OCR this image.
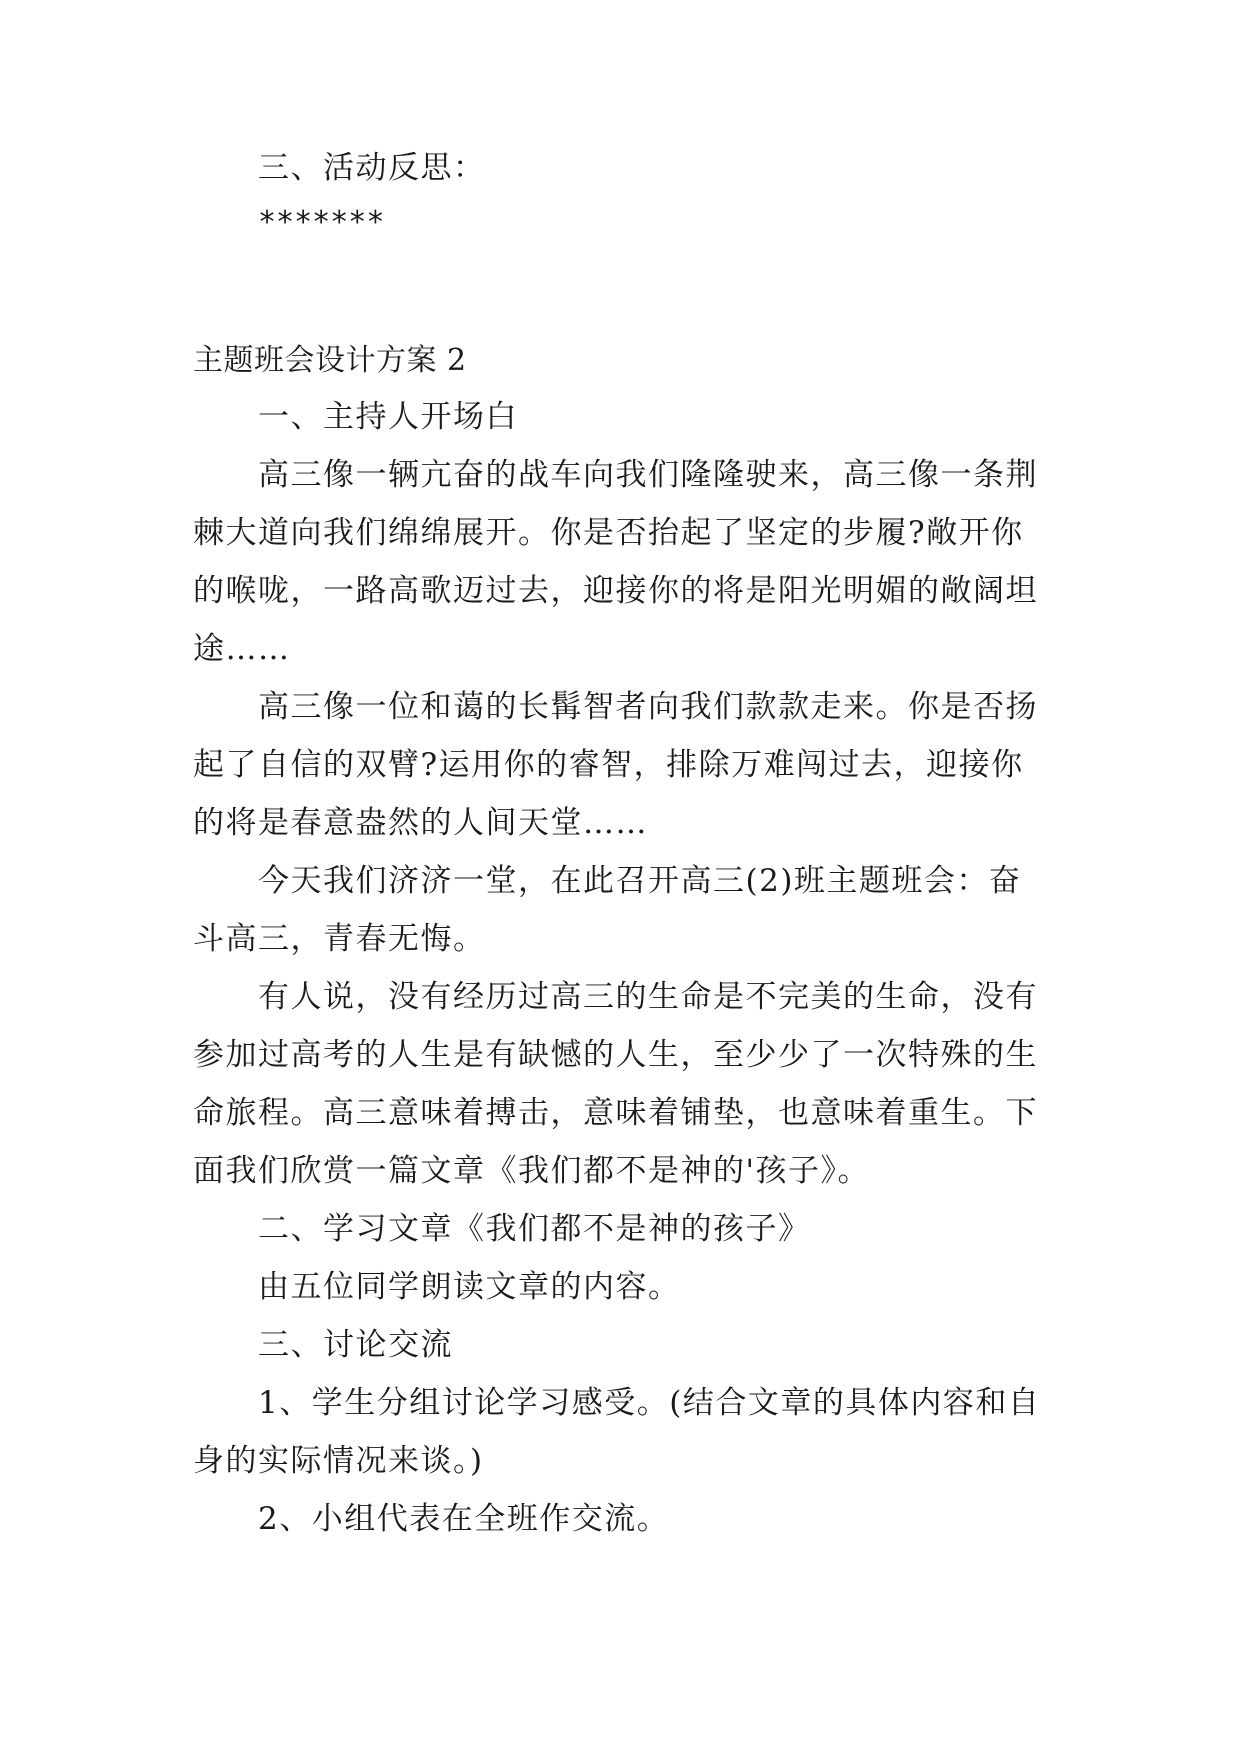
三、活动反思：
*******
主题班会设计方案 2
一、主持人开场白
高三像一辆亢奋的战车向我们隆隆驶来，高三像一条荆
棘大道向我们绵绵展开。你是否抬起了坚定的步履?敞开你
的喉咙，一路高歌迈过去，迎接你的将是阳光明媚的敞阔坦
途……
高三像一位和蔼的长髯智者向我们款款走来。你是否扬
起了自信的双臂?运用你的睿智，排除万难闯过去，迎接你
的将是春意盎然的人间天堂……
今天我们济济一堂，在此召开高三(2)班主题班会：奋
斗高三，青春无悔。
有人说，没有经历过高三的生命是不完美的生命，没有
参加过高考的人生是有缺憾的人生，至少少了一次特殊的生
命旅程。高三意味着搏击，意味着铺垫，也意味着重生。下
面我们欣赏一篇文章《我们都不是神的'孩子》。
二、学习文章《我们都不是神的孩子》
由五位同学朗读文章的内容。
三、讨论交流
1、学生分组讨论学习感受。(结合文章的具体内容和自
身的实际情况来谈。)
2、小组代表在全班作交流。
